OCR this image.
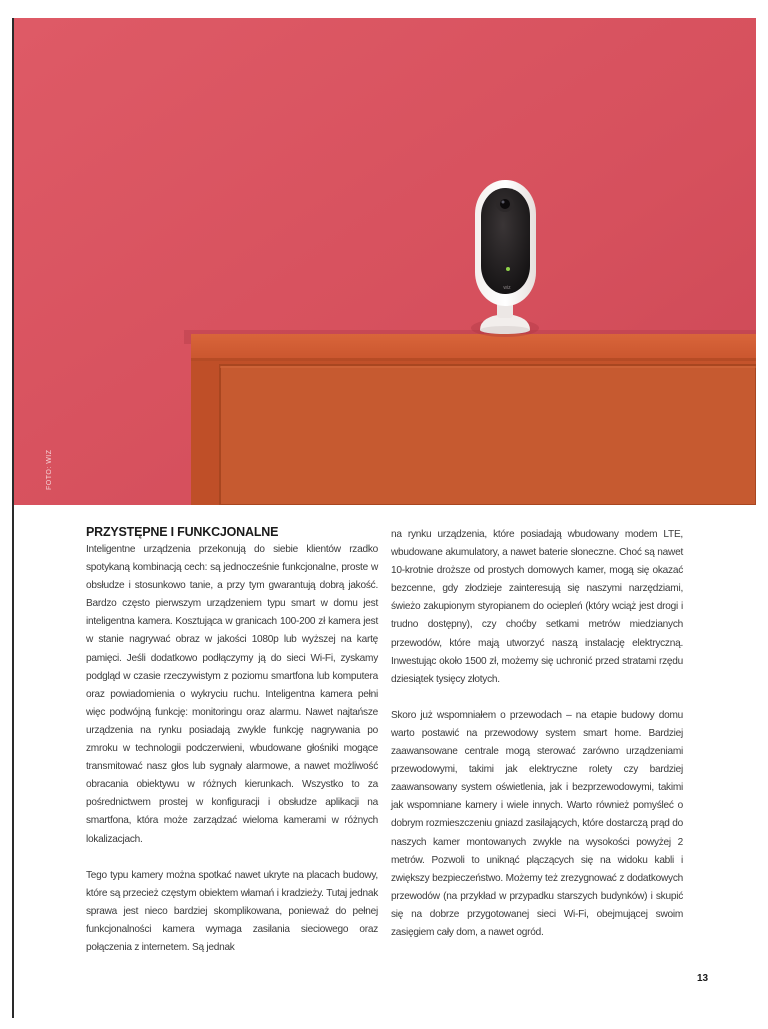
wiz
FOTO: WIZ
PRZYSTĘPNE I FUNKCJONALNE

Inteligentne urządzenia przekonują do siebie klientów rzadko spotykaną kombinacją cech: są jednocześnie funkcjonalne, proste w obsłudze i stosunkowo tanie, a przy tym gwarantują dobrą jakość. Bardzo często pierwszym urządzeniem typu smart w domu jest inteligentna kamera. Kosztująca w granicach 100-200 zł kamera jest w stanie nagrywać obraz w jakości 1080p lub wyższej na kartę pamięci. Jeśli dodatkowo podłączymy ją do sieci Wi-Fi, zyskamy podgląd w czasie rzeczywistym z poziomu smartfona lub komputera oraz powiadomienia o wykryciu ruchu. Inteligentna kamera pełni więc podwójną funkcję: monitoringu oraz alarmu. Nawet najtańsze urządzenia na rynku posiadają zwykle funkcję nagrywania po zmroku w technologii podczerwieni, wbudowane głośniki mogące transmitować nasz głos lub sygnały alarmowe, a nawet możliwość obracania obiektywu w różnych kierunkach. Wszystko to za pośrednictwem prostej w konfiguracji i obsłudze aplikacji na smartfona, która może zarządzać wieloma kamerami w różnych lokalizacjach.

Tego typu kamery można spotkać nawet ukryte na placach budowy, które są przecież częstym obiektem włamań i kradzieży. Tutaj jednak sprawa jest nieco bardziej skomplikowana, ponieważ do pełnej funkcjonalności kamera wymaga zasilania sieciowego oraz połączenia z internetem. Są jednak

na rynku urządzenia, które posiadają wbudowany modem LTE, wbudowane akumulatory, a nawet baterie słoneczne. Choć są nawet 10-krotnie droższe od prostych domowych kamer, mogą się okazać bezcenne, gdy złodzieje zainteresują się naszymi narzędziami, świeżo zakupionym styropianem do ociepleń (który wciąż jest drogi i trudno dostępny), czy choćby setkami metrów miedzianych przewodów, które mają utworzyć naszą instalację elektryczną. Inwestując około 1500 zł, możemy się uchronić przed stratami rzędu dziesiątek tysięcy złotych.

Skoro już wspomniałem o przewodach – na etapie budowy domu warto postawić na przewodowy system smart home. Bardziej zaawansowane centrale mogą sterować zarówno urządzeniami przewodowymi, takimi jak elektryczne rolety czy bardziej zaawansowany system oświetlenia, jak i bezprzewodowymi, takimi jak wspomniane kamery i wiele innych. Warto również pomyśleć o dobrym rozmieszczeniu gniazd zasilających, które dostarczą prąd do naszych kamer montowanych zwykle na wysokości powyżej 2 metrów. Pozwoli to uniknąć plączących się na widoku kabli i zwiększy bezpieczeństwo. Możemy też zrezygnować z dodatkowych przewodów (na przykład w przypadku starszych budynków) i skupić się na dobrze przygotowanej sieci Wi-Fi, obejmującej swoim zasięgiem cały dom, a nawet ogród.

13
